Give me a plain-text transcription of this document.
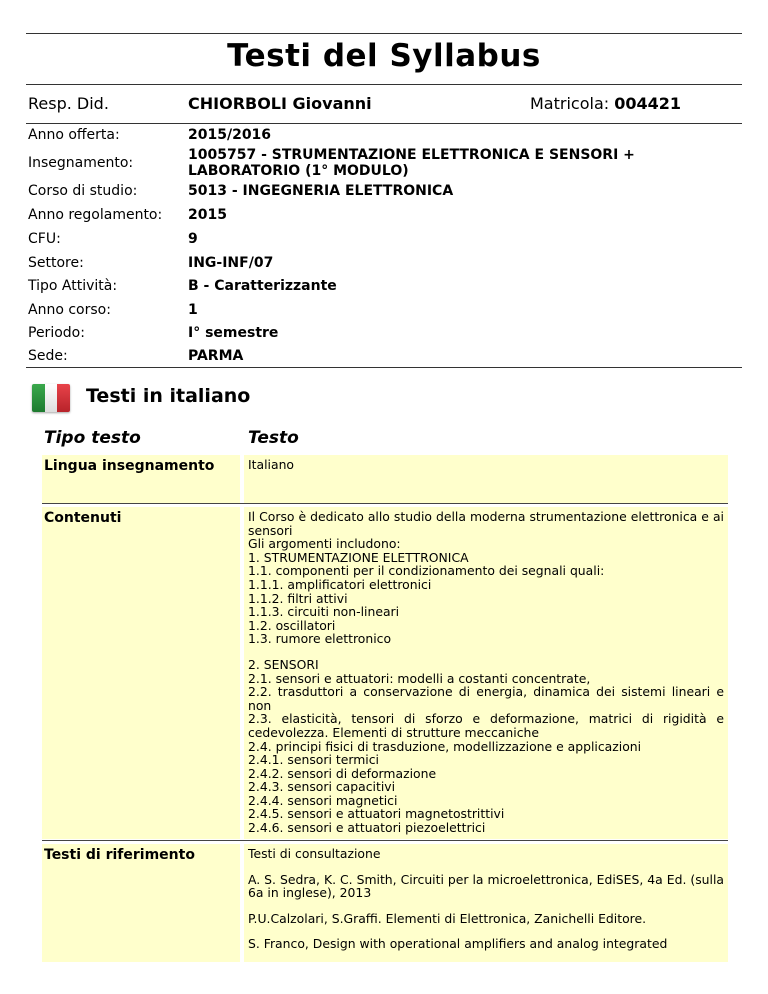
Testi del Syllabus
Resp. Did.	CHIORBOLI Giovanni	Matricola: 004421
Anno offerta:	2015/2016
Insegnamento:	1005757 - STRUMENTAZIONE ELETTRONICA E SENSORI + LABORATORIO (1° MODULO)
Corso di studio:	5013 - INGEGNERIA ELETTRONICA
Anno regolamento: 2015
CFU:	9
Settore:	ING-INF/07
Tipo Attività:	B - Caratterizzante
Anno corso:	1
Periodo:	I° semestre
Sede:	PARMA
Testi in italiano
Tipo testo	Testo
Lingua insegnamento	Italiano

Contenuti	Il Corso è dedicato allo studio della moderna strumentazione elettronica e ai sensori
Gli argomenti includono:
1. STRUMENTAZIONE ELETTRONICA
1.1. componenti per il condizionamento dei segnali quali:
1.1.1. amplificatori elettronici
1.1.2. filtri attivi
1.1.3. circuiti non-lineari
1.2. oscillatori
1.3. rumore elettronico

2. SENSORI
2.1. sensori e attuatori: modelli a costanti concentrate,
2.2. trasduttori a conservazione di energia, dinamica dei sistemi lineari e non
2.3. elasticità, tensori di sforzo e deformazione, matrici di rigidità e cedevolezza. Elementi di strutture meccaniche
2.4. principi fisici di trasduzione, modellizzazione e applicazioni
2.4.1. sensori termici
2.4.2. sensori di deformazione
2.4.3. sensori capacitivi
2.4.4. sensori magnetici
2.4.5. sensori e attuatori magnetostrittivi
2.4.6. sensori e attuatori piezoelettrici

Testi di riferimento	Testi di consultazione

A. S. Sedra, K. C. Smith, Circuiti per la microelettronica, EdiSES, 4a Ed. (sulla 6a in inglese), 2013

P.U.Calzolari, S.Graffi. Elementi di Elettronica, Zanichelli Editore.

S. Franco, Design with operational amplifiers and analog integrated
